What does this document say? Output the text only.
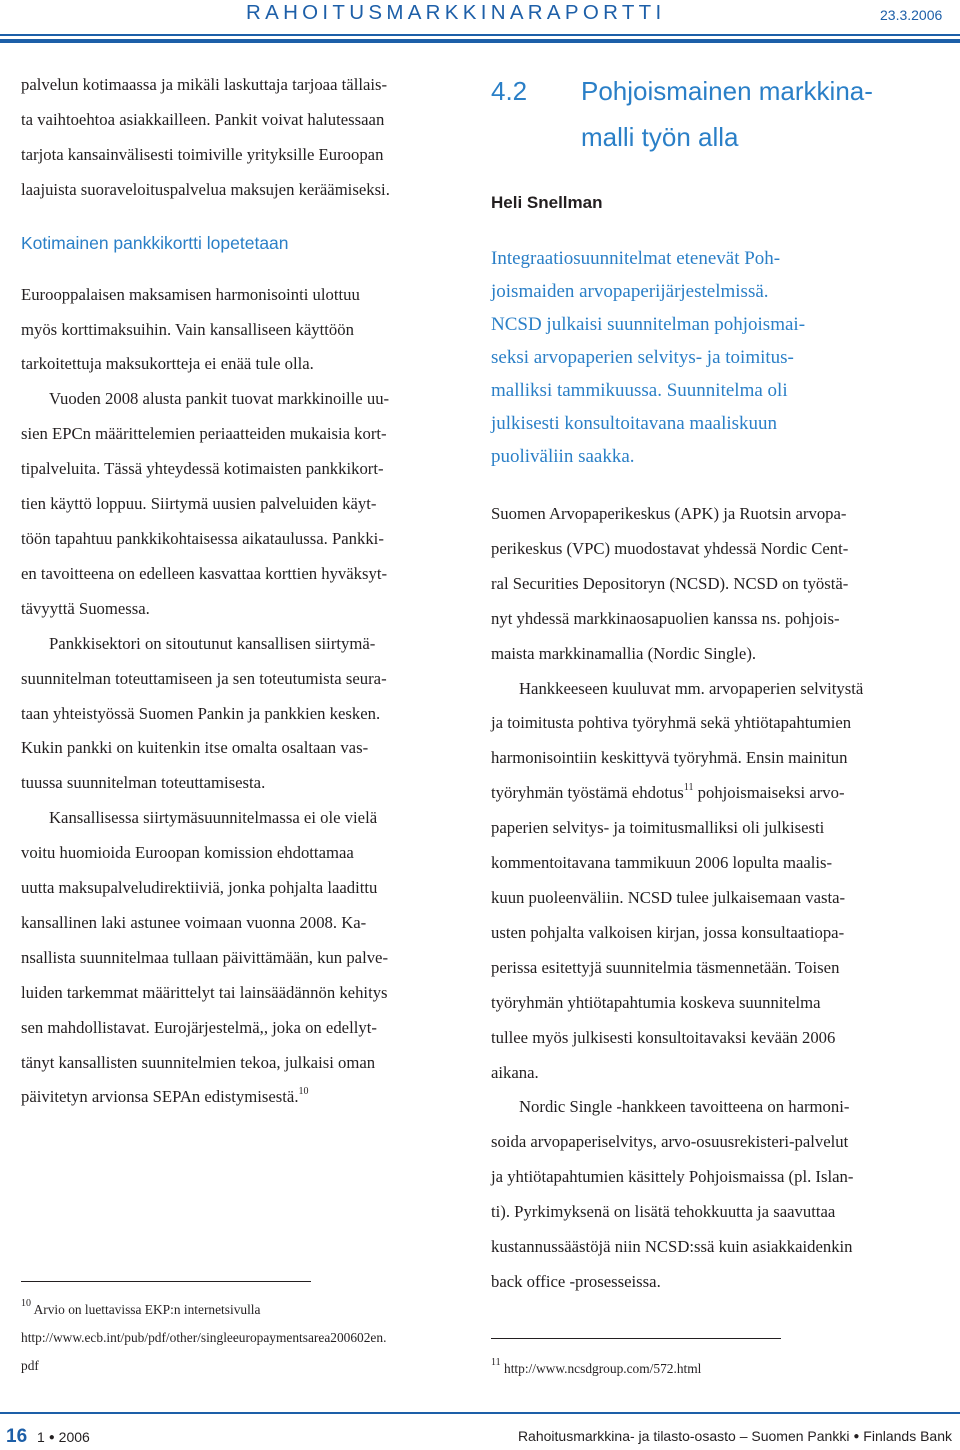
RAHOITUSMARKKINARAPORTTI	23.3.2006
palvelun kotimaassa ja mikäli laskuttaja tarjoaa tällais-
ta vaihtoehtoa asiakkailleen. Pankit voivat halutessaan
tarjota kansainvälisesti toimiville yrityksille Euroopan
laajuista suoraveloituspalvelua maksujen keräämiseksi.
Kotimainen pankkikortti lopetetaan
Eurooppalaisen maksamisen harmonisointi ulottuu
myös korttimaksuihin. Vain kansalliseen käyttöön
tarkoitettuja maksukortteja ei enää tule olla.
Vuoden 2008 alusta pankit tuovat markkinoille uu-
sien EPCn määrittelemien periaatteiden mukaisia kort-
tipalveluita. Tässä yhteydessä kotimaisten pankkikort-
tien käyttö loppuu. Siirtymä uusien palveluiden käyt-
töön tapahtuu pankkikohtaisessa aikataulussa. Pankki-
en tavoitteena on edelleen kasvattaa korttien hyväksyt-
tävyyttä Suomessa.
Pankkisektori on sitoutunut kansallisen siirtymä-
suunnitelman toteuttamiseen ja sen toteutumista seura-
taan yhteistyössä Suomen Pankin ja pankkien kesken.
Kukin pankki on kuitenkin itse omalta osaltaan vas-
tuussa suunnitelman toteuttamisesta.
Kansallisessa siirtymäsuunnitelmassa ei ole vielä
voitu huomioida Euroopan komission ehdottamaa
uutta maksupalveludirektiiviä, jonka pohjalta laadittu
kansallinen laki astunee voimaan vuonna 2008. Ka-
nsallista suunnitelmaa tullaan päivittämään, kun palve-
luiden tarkemmat määrittelyt tai lainsäädännön kehitys
sen mahdollistavat. Eurojärjestelmä,, joka on edellyt-
tänyt kansallisten suunnitelmien tekoa, julkaisi oman
päivitetyn arvionsa SEPAn edistymisestä.$^{10}$
$^{10}$ Arvio on luettavissa EKP:n internetsivulla
http://www.ecb.int/pub/pdf/other/singleeuropaymentsarea200602en.
pdf
4.2	Pohjoismainen markkina-
malli työn alla
Heli Snellman
Integraatiosuunnitelmat etenevät Poh-
joismaiden arvopaperijärjestelmissä.
NCSD julkaisi suunnitelman pohjoismai-
seksi arvopaperien selvitys- ja toimitus-
malliksi tammikuussa. Suunnitelma oli
julkisesti konsultoitavana maaliskuun
puoliväliin saakka.
Suomen Arvopaperikeskus (APK) ja Ruotsin arvopa-
perikeskus (VPC) muodostavat yhdessä Nordic Cent-
ral Securities Depositoryn (NCSD). NCSD on työstä-
nyt yhdessä markkinaosapuolien kanssa ns. pohjois-
maista markkinamallia (Nordic Single).
Hankkeeseen kuuluvat mm. arvopaperien selvitystä
ja toimitusta pohtiva työryhmä sekä yhtiötapahtumien
harmonisointiin keskittyvä työryhmä. Ensin mainitun
työryhmän työstämä ehdotus$^{11}$ pohjoismaiseksi arvo-
paperien selvitys- ja toimitusmalliksi oli julkisesti
kommentoitavana tammikuun 2006 lopulta maalis-
kuun puoleenväliin. NCSD tulee julkaisemaan vasta-
usten pohjalta valkoisen kirjan, jossa konsultaatiopa-
perissa esitettyjä suunnitelmia täsmennetään. Toisen
työryhmän yhtiötapahtumia koskeva suunnitelma
tullee myös julkisesti konsultoitavaksi kevään 2006
aikana.
Nordic Single -hankkeen tavoitteena on harmoni-
soida arvopaperiselvitys, arvo-osuusrekisteri-palvelut
ja yhtiötapahtumien käsittely Pohjoismaissa (pl. Islan-
ti). Pyrkimyksenä on lisätä tehokkuutta ja saavuttaa
kustannussäästöjä niin NCSD:ssä kuin asiakkaidenkin
back office -prosesseissa.
$^{11}$ http://www.ncsdgroup.com/572.html
16 1 ● 2006	Rahoitusmarkkina- ja tilasto-osasto – Suomen Pankki ● Finlands Bank
